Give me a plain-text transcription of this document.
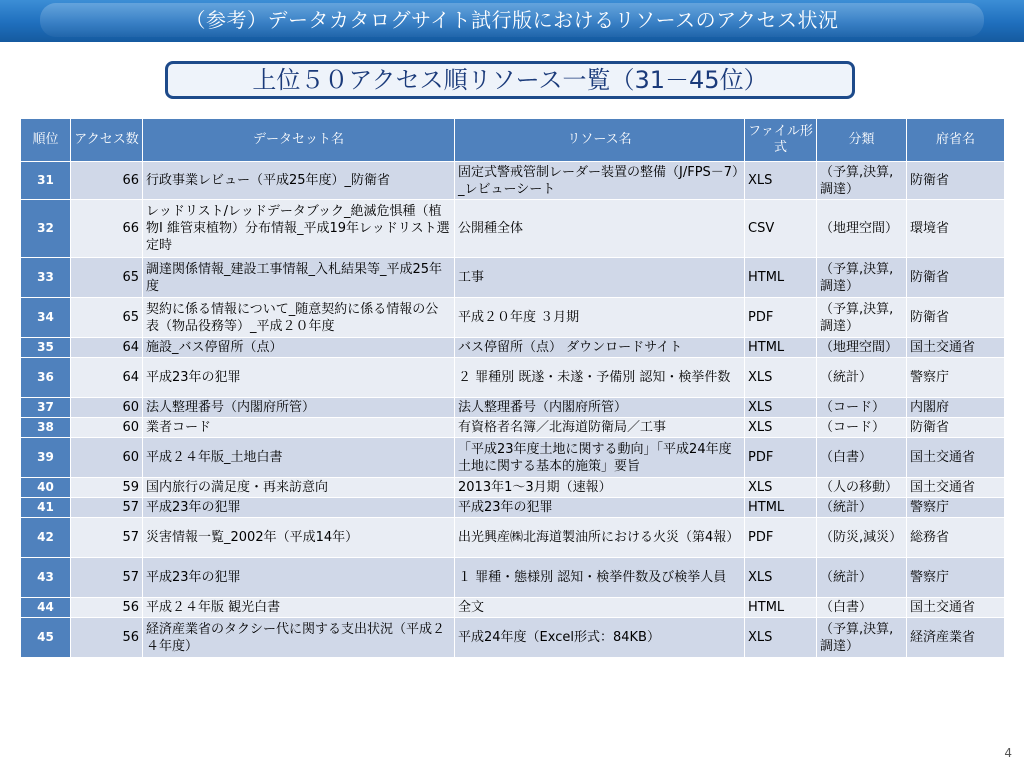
（参考）データカタログサイト試行版におけるリソースのアクセス状況
上位５０アクセス順リソース一覧（31－45位）
順位	アクセス数	データセット名	リソース名	ファイル形式	分類	府省名
31	66	行政事業レビュー（平成25年度）_防衛省	固定式警戒管制レーダー装置の整備（J/FPS－7）_レビューシート	XLS	（予算,決算,調達）	防衛省
32	66	レッドリスト/レッドデータブック_絶滅危惧種（植物I 維管束植物）分布情報_平成19年レッドリスト選定時	公開種全体	CSV	（地理空間）	環境省
33	65	調達関係情報_建設工事情報_入札結果等_平成25年度	工事	HTML	（予算,決算,調達）	防衛省
34	65	契約に係る情報について_随意契約に係る情報の公表（物品役務等）_平成２０年度	平成２０年度 ３月期	PDF	（予算,決算,調達）	防衛省
35	64	施設_バス停留所（点）	バス停留所（点） ダウンロードサイト	HTML	（地理空間）	国土交通省
36	64	平成23年の犯罪	２ 罪種別 既遂・未遂・予備別 認知・検挙件数	XLS	（統計）	警察庁
37	60	法人整理番号（内閣府所管）	法人整理番号（内閣府所管）	XLS	（コード）	内閣府
38	60	業者コード	有資格者名簿／北海道防衛局／工事	XLS	（コード）	防衛省
39	60	平成２４年版_土地白書	「平成23年度土地に関する動向」「平成24年度土地に関する基本的施策」要旨	PDF	（白書）	国土交通省
40	59	国内旅行の満足度・再来訪意向	2013年1～3月期（速報）	XLS	（人の移動）	国土交通省
41	57	平成23年の犯罪	平成23年の犯罪	HTML	（統計）	警察庁
42	57	災害情報一覧_2002年（平成14年）	出光興産㈱北海道製油所における火災（第4報）	PDF	（防災,減災）	総務省
43	57	平成23年の犯罪	１ 罪種・態様別 認知・検挙件数及び検挙人員	XLS	（統計）	警察庁
44	56	平成２４年版 観光白書	全文	HTML	（白書）	国土交通省
45	56	経済産業省のタクシー代に関する支出状況（平成２４年度）	平成24年度（Excel形式：84KB）	XLS	（予算,決算,調達）	経済産業省
4
